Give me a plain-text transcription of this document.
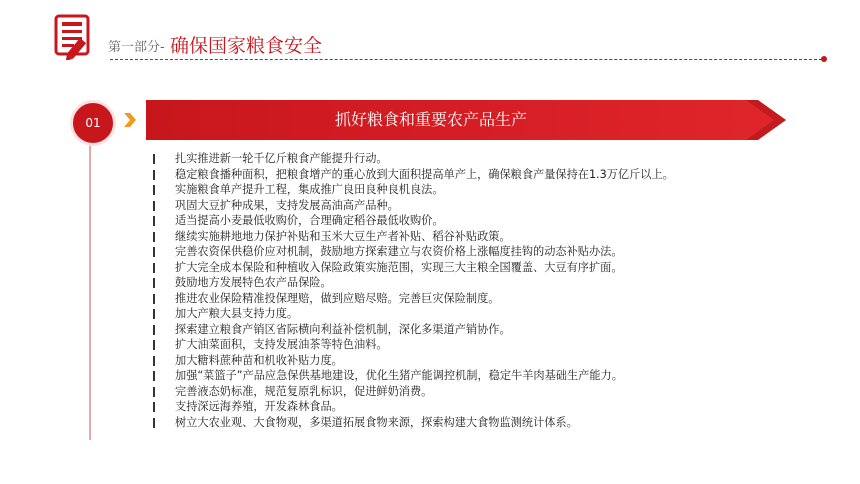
第一部分- 确保国家粮食安全
01	抓好粮食和重要农产品生产
扎实推进新一轮千亿斤粮食产能提升行动。
稳定粮食播种面积，把粮食增产的重心放到大面积提高单产上，确保粮食产量保持在1.3万亿斤以上。
实施粮食单产提升工程，集成推广良田良种良机良法。
巩固大豆扩种成果，支持发展高油高产品种。
适当提高小麦最低收购价，合理确定稻谷最低收购价。
继续实施耕地地力保护补贴和玉米大豆生产者补贴、稻谷补贴政策。
完善农资保供稳价应对机制，鼓励地方探索建立与农资价格上涨幅度挂钩的动态补贴办法。
扩大完全成本保险和种植收入保险政策实施范围，实现三大主粮全国覆盖、大豆有序扩面。
鼓励地方发展特色农产品保险。
推进农业保险精准投保理赔，做到应赔尽赔。完善巨灾保险制度。
加大产粮大县支持力度。
探索建立粮食产销区省际横向利益补偿机制，深化多渠道产销协作。
扩大油菜面积，支持发展油茶等特色油料。
加大糖料蔗种苗和机收补贴力度。
加强“菜篮子”产品应急保供基地建设，优化生猪产能调控机制，稳定牛羊肉基础生产能力。
完善液态奶标准，规范复原乳标识，促进鲜奶消费。
支持深远海养殖，开发森林食品。
树立大农业观、大食物观，多渠道拓展食物来源，探索构建大食物监测统计体系。
